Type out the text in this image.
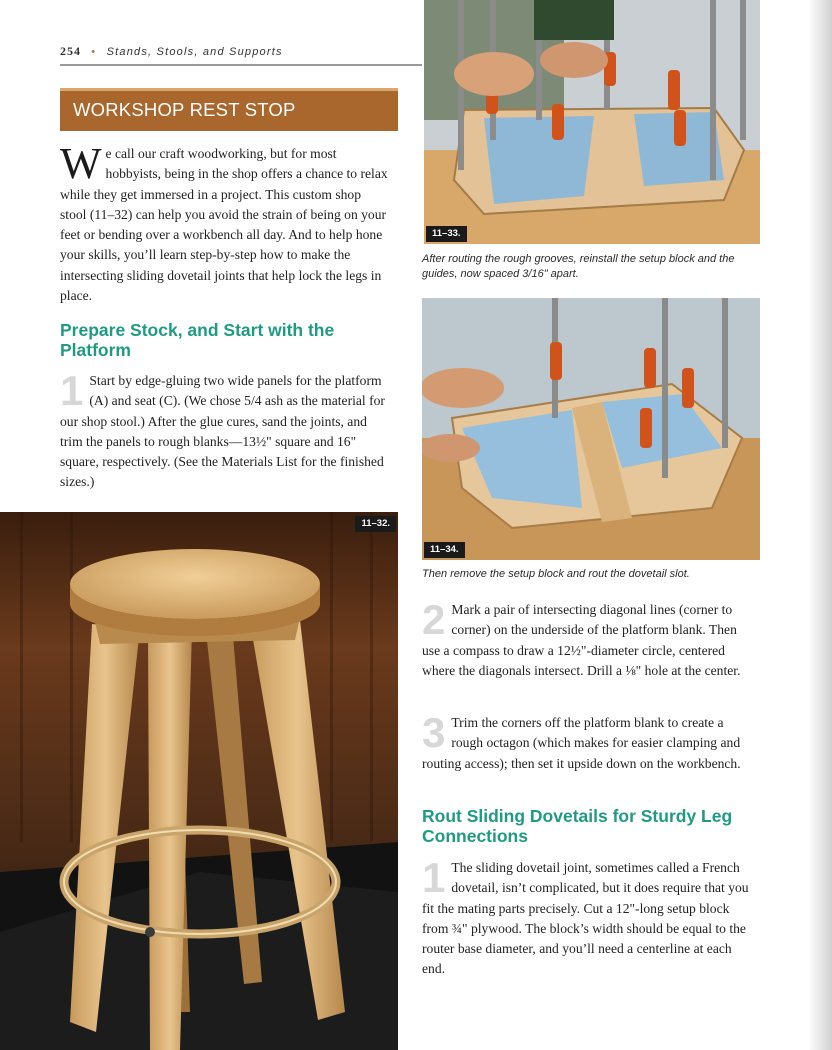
254 • Stands, Stools, and Supports
WORKSHOP REST STOP
We call our craft woodworking, but for most hobbyists, being in the shop offers a chance to relax while they get immersed in a project. This custom shop stool (11–32) can help you avoid the strain of being on your feet or bending over a workbench all day. And to help hone your skills, you’ll learn step-by-step how to make the intersecting sliding dovetail joints that help lock the legs in place.
Prepare Stock, and Start with the Platform
1 Start by edge-gluing two wide panels for the platform (A) and seat (C). (We chose 5/4 ash as the material for our shop stool.) After the glue cures, sand the joints, and trim the panels to rough blanks—13½" square and 16" square, respectively. (See the Materials List for the finished sizes.)
11–32.
11–33.
After routing the rough grooves, reinstall the setup block and the guides, now spaced 3/16" apart.
11–34.
Then remove the setup block and rout the dovetail slot.
2 Mark a pair of intersecting diagonal lines (corner to corner) on the underside of the platform blank. Then use a compass to draw a 12½"-diameter circle, centered where the diagonals intersect. Drill a ⅛" hole at the center.
3 Trim the corners off the platform blank to create a rough octagon (which makes for easier clamping and routing access); then set it upside down on the workbench.
Rout Sliding Dovetails for Sturdy Leg Connections
1 The sliding dovetail joint, sometimes called a French dovetail, isn’t complicated, but it does require that you fit the mating parts precisely. Cut a 12"-long setup block from ¾" plywood. The block’s width should be equal to the router base diameter, and you’ll need a centerline at each end.
